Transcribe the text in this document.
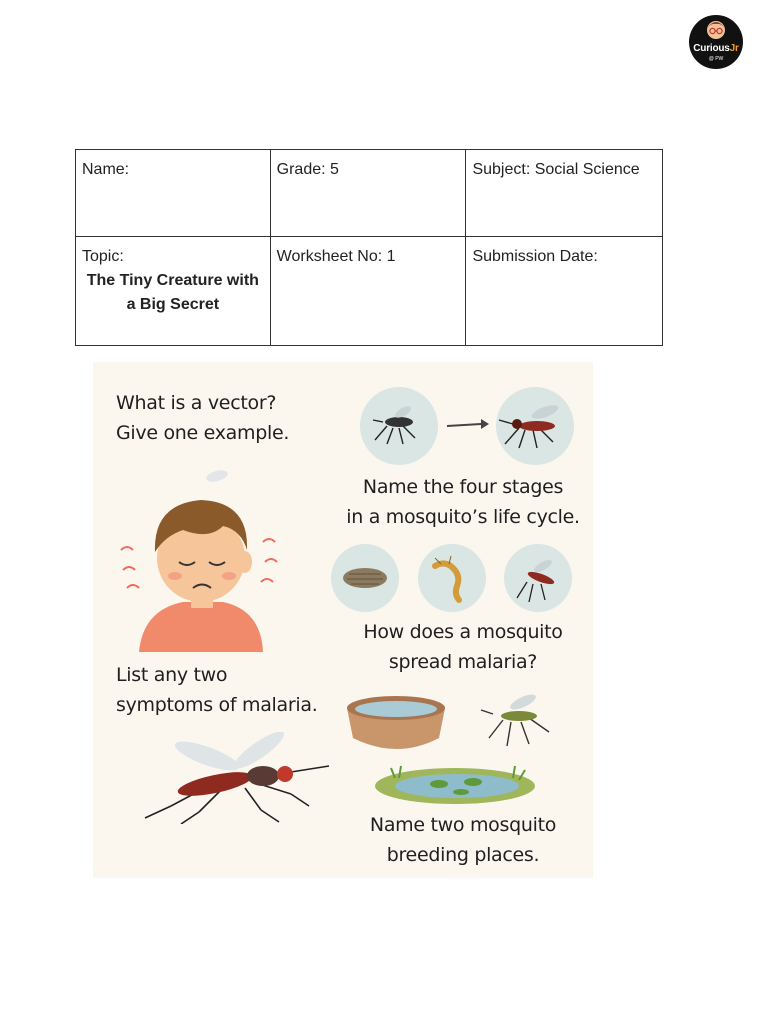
CuriousJr
@ PW
Name:	Grade: 5	Subject: Social Science
Topic:
The Tiny Creature with a Big Secret	Worksheet No: 1	Submission Date:
What is a vector?
Give one example.
Name the four stages
in a mosquito’s life cycle.
How does a mosquito
spread malaria?
List any two
symptoms of malaria.
Name two mosquito
breeding places.
